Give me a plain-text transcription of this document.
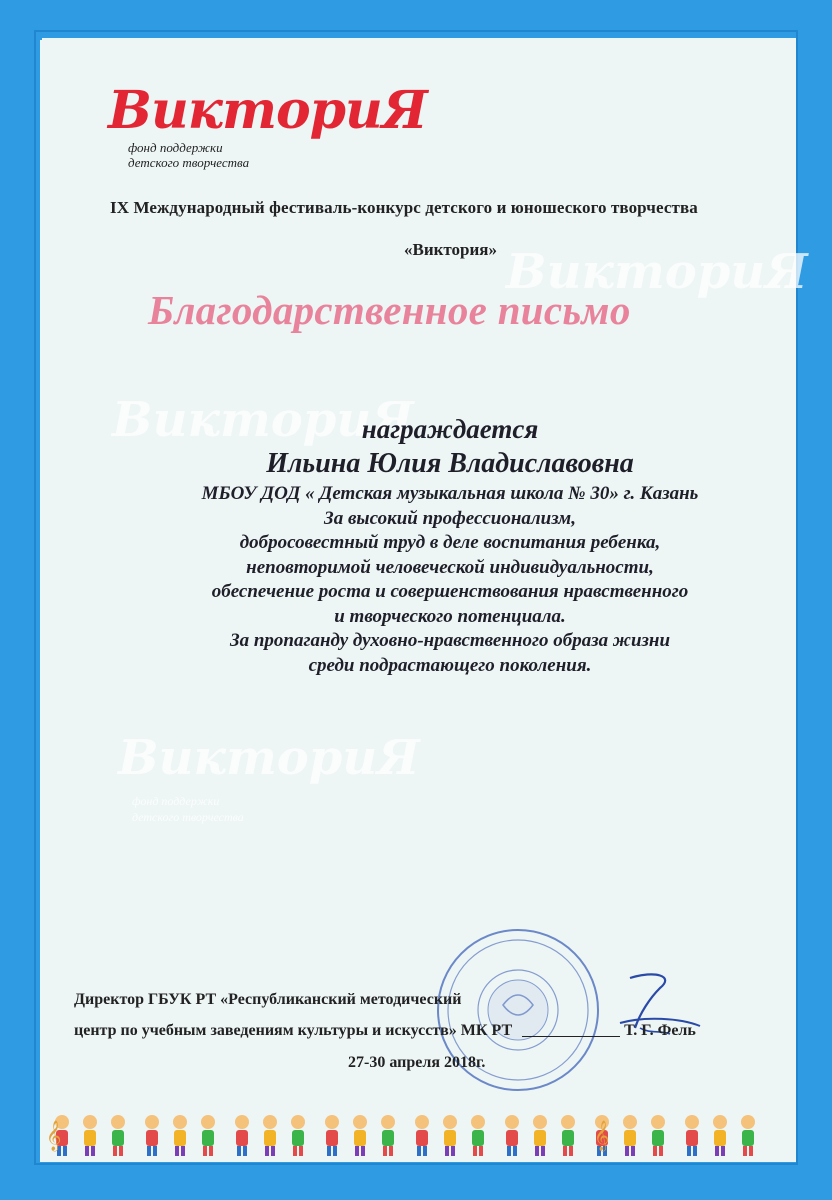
ВикториЯ
ВикториЯ
ВикториЯ
фонд поддержки
детского творчества
ВикториЯ
фонд поддержки
детского творчества
IX Международный фестиваль-конкурс детского и юношеского творчества
«Виктория»
Благодарственное письмо
награждается
Ильина Юлия Владиславовна
МБОУ ДОД « Детская музыкальная школа № 30» г. Казань
За высокий профессионализм,
добросовестный труд в деле воспитания ребенка,
неповторимой человеческой индивидуальности,
обеспечение роста и совершенствования нравственного
и творческого потенциала.
За пропаганду духовно-нравственного образа жизни
среди подрастающего поколения.
Директор ГБУК РТ «Республиканский методический
центр по учебным заведениям культуры и искусств» МК РТ	Т. Г. Фель
27-30 апреля 2018г.
𝄞	𝄞
